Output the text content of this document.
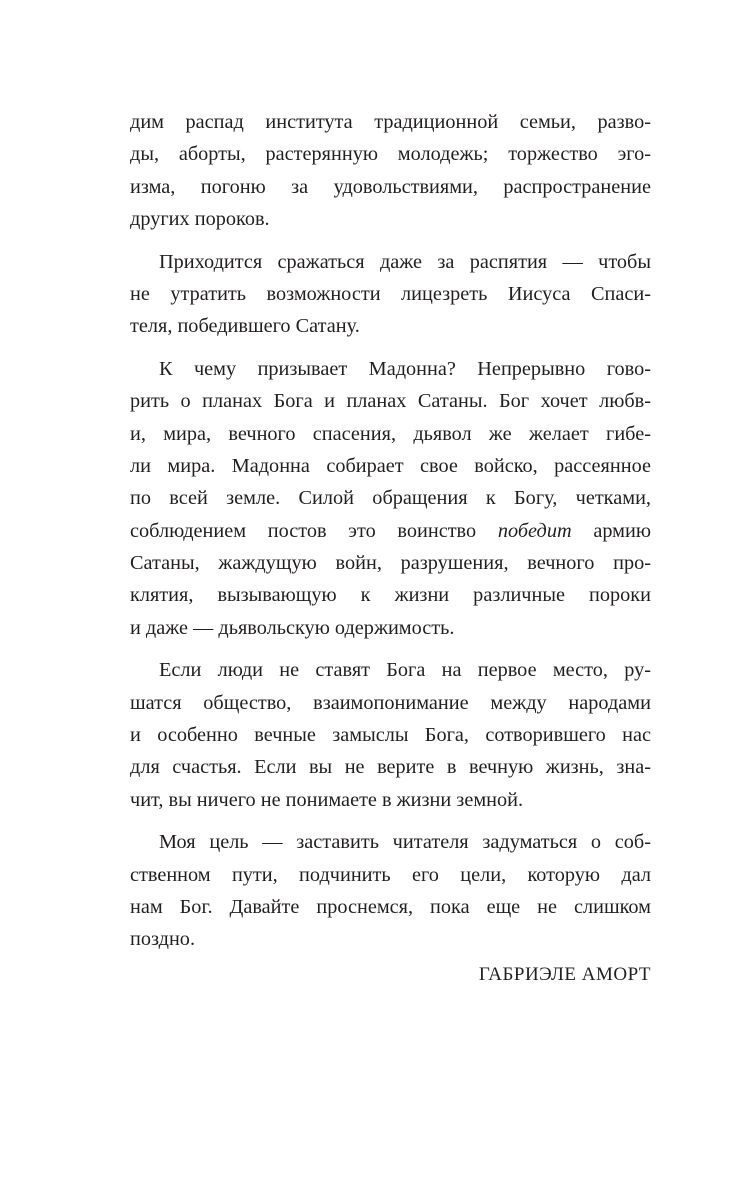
дим распад института традиционной семьи, разво-
ды, аборты, растерянную молодежь; торжество эго-
изма, погоню за удовольствиями, распространение
других пороков.
Приходится сражаться даже за распятия — чтобы
не утратить возможности лицезреть Иисуса Спаси-
теля, победившего Сатану.
К чему призывает Мадонна? Непрерывно гово-
рить о планах Бога и планах Сатаны. Бог хочет любв-
и, мира, вечного спасения, дьявол же желает гибе-
ли мира. Мадонна собирает свое войско, рассеянное
по всей земле. Силой обращения к Богу, четками,
соблюдением постов это воинство победит армию
Сатаны, жаждущую войн, разрушения, вечного про-
клятия, вызывающую к жизни различные пороки
и даже — дьявольскую одержимость.
Если люди не ставят Бога на первое место, ру-
шатся общество, взаимопонимание между народами
и особенно вечные замыслы Бога, сотворившего нас
для счастья. Если вы не верите в вечную жизнь, зна-
чит, вы ничего не понимаете в жизни земной.
Моя цель — заставить читателя задуматься о соб-
ственном пути, подчинить его цели, которую дал
нам Бог. Давайте проснемся, пока еще не слишком
поздно.
ГАБРИЭЛЕ АМОРТ
